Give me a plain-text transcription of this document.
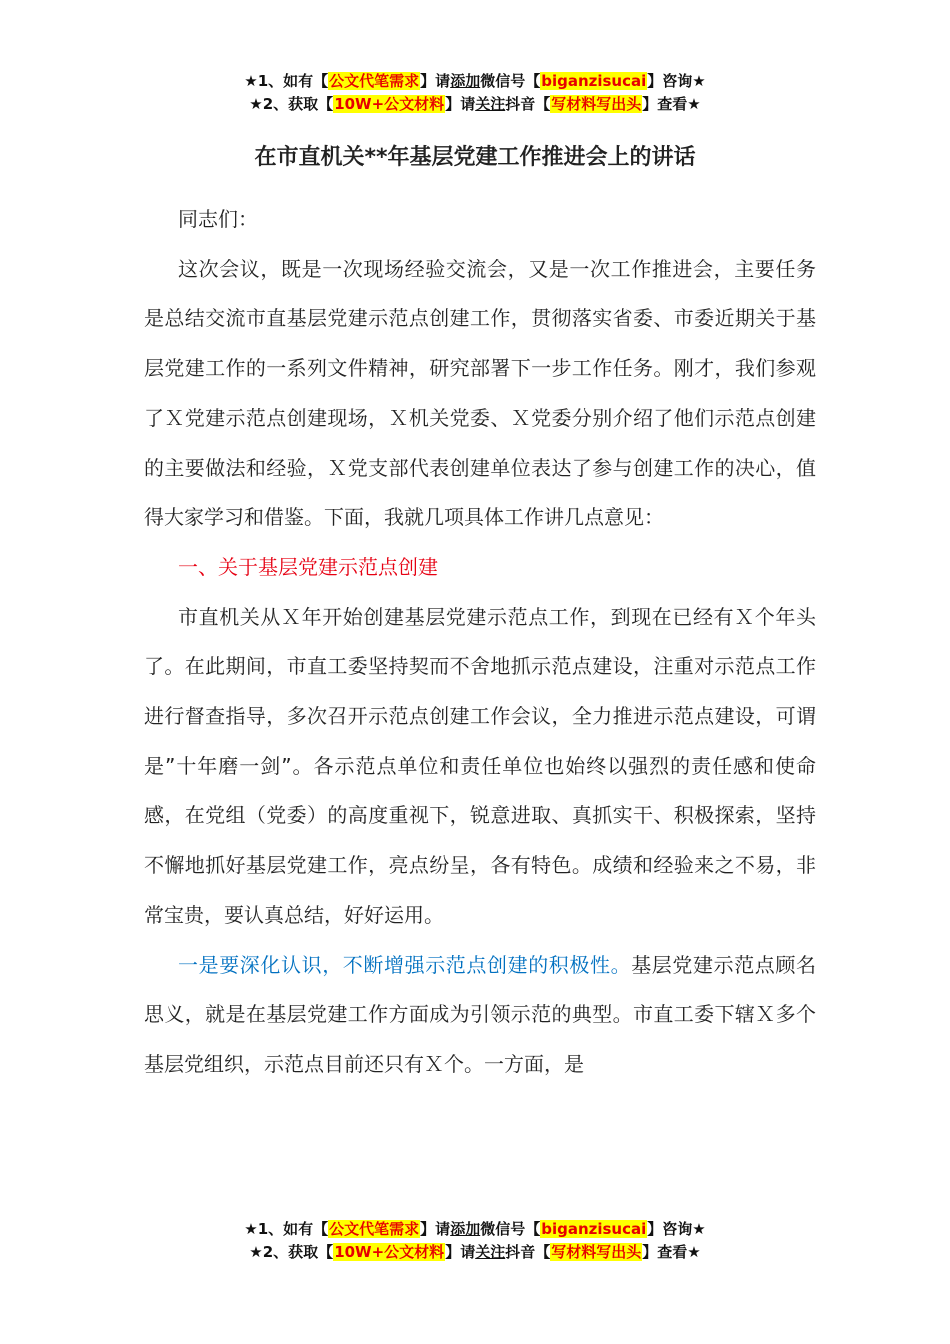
★1、如有【公文代笔需求】请添加微信号【biganzisucai】咨询★
★2、获取【10W+公文材料】请关注抖音【写材料写出头】查看★
在市直机关**年基层党建工作推进会上的讲话

同志们：

这次会议，既是一次现场经验交流会，又是一次工作推进会，主要任务是总结交流市直基层党建示范点创建工作，贯彻落实省委、市委近期关于基层党建工作的一系列文件精神，研究部署下一步工作任务。刚才，我们参观了Ｘ党建示范点创建现场，Ｘ机关党委、Ｘ党委分别介绍了他们示范点创建的主要做法和经验，Ｘ党支部代表创建单位表达了参与创建工作的决心，值得大家学习和借鉴。下面，我就几项具体工作讲几点意见：

一、关于基层党建示范点创建

市直机关从Ｘ年开始创建基层党建示范点工作，到现在已经有Ｘ个年头了。在此期间，市直工委坚持契而不舍地抓示范点建设，注重对示范点工作进行督查指导，多次召开示范点创建工作会议，全力推进示范点建设，可谓是”十年磨一剑”。各示范点单位和责任单位也始终以强烈的责任感和使命感，在党组（党委）的高度重视下，锐意进取、真抓实干、积极探索，坚持不懈地抓好基层党建工作，亮点纷呈，各有特色。成绩和经验来之不易，非常宝贵，要认真总结，好好运用。

一是要深化认识，不断增强示范点创建的积极性。基层党建示范点顾名思义，就是在基层党建工作方面成为引领示范的典型。市直工委下辖Ｘ多个基层党组织，示范点目前还只有Ｘ个。一方面，是

★1、如有【公文代笔需求】请添加微信号【biganzisucai】咨询★
★2、获取【10W+公文材料】请关注抖音【写材料写出头】查看★
